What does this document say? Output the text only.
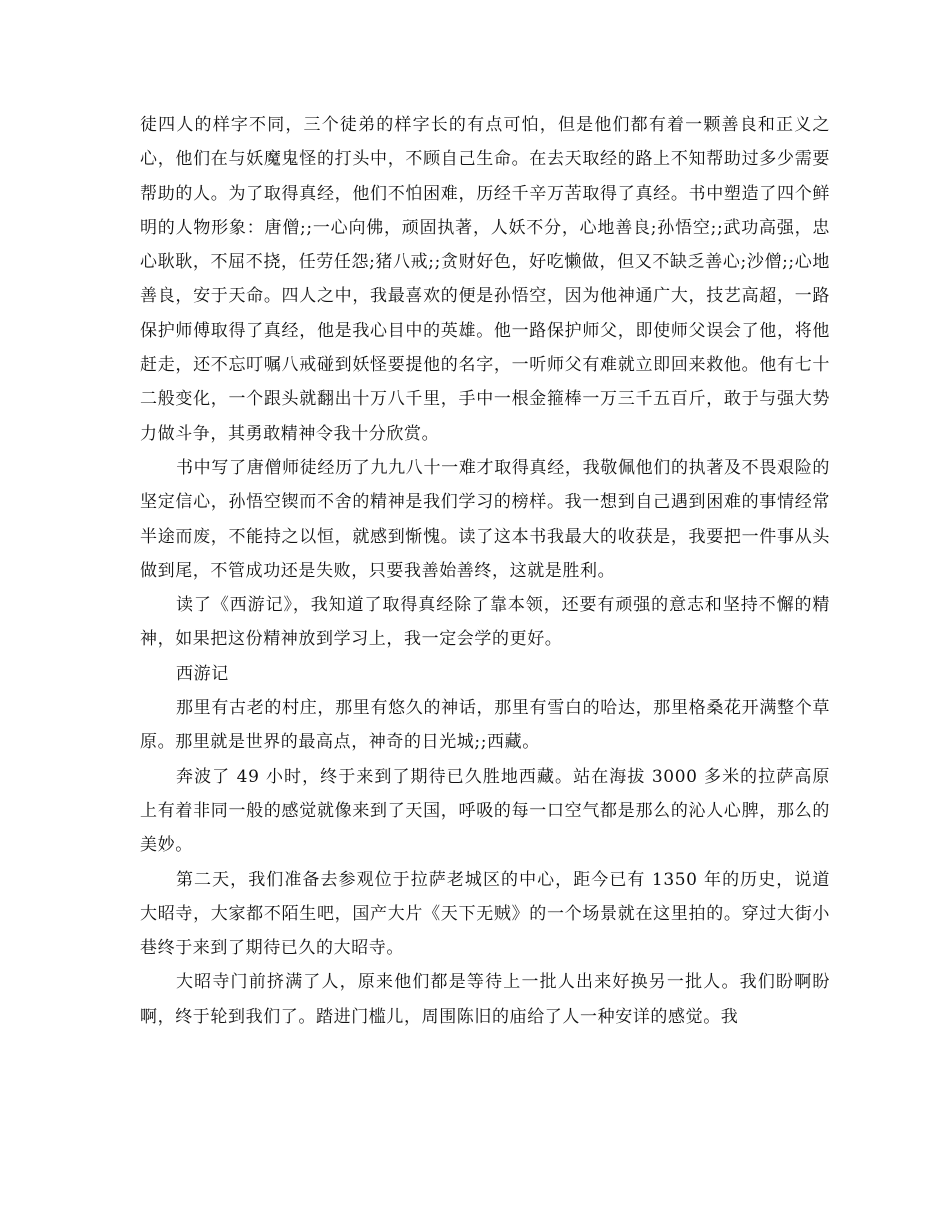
徒四人的样字不同，三个徒弟的样字长的有点可怕，但是他们都有着一颗善良和正义之心，他们在与妖魔鬼怪的打头中，不顾自己生命。在去天取经的路上不知帮助过多少需要帮助的人。为了取得真经，他们不怕困难，历经千辛万苦取得了真经。书中塑造了四个鲜明的人物形象：唐僧;;一心向佛，顽固执著，人妖不分，心地善良;孙悟空;;武功高强，忠心耿耿，不屈不挠，任劳任怨;猪八戒;;贪财好色，好吃懒做，但又不缺乏善心;沙僧;;心地善良，安于天命。四人之中，我最喜欢的便是孙悟空，因为他神通广大，技艺高超，一路保护师傅取得了真经，他是我心目中的英雄。他一路保护师父，即使师父误会了他，将他赶走，还不忘叮嘱八戒碰到妖怪要提他的名字，一听师父有难就立即回来救他。他有七十二般变化，一个跟头就翻出十万八千里，手中一根金箍棒一万三千五百斤，敢于与强大势力做斗争，其勇敢精神令我十分欣赏。

书中写了唐僧师徒经历了九九八十一难才取得真经，我敬佩他们的执著及不畏艰险的坚定信心，孙悟空锲而不舍的精神是我们学习的榜样。我一想到自己遇到困难的事情经常半途而废，不能持之以恒，就感到惭愧。读了这本书我最大的收获是，我要把一件事从头做到尾，不管成功还是失败，只要我善始善终，这就是胜利。

读了《西游记》，我知道了取得真经除了靠本领，还要有顽强的意志和坚持不懈的精神，如果把这份精神放到学习上，我一定会学的更好。

西游记

那里有古老的村庄，那里有悠久的神话，那里有雪白的哈达，那里格桑花开满整个草原。那里就是世界的最高点，神奇的日光城;;西藏。

奔波了 49 小时，终于来到了期待已久胜地西藏。站在海拔 3000 多米的拉萨高原上有着非同一般的感觉就像来到了天国，呼吸的每一口空气都是那么的沁人心脾，那么的美妙。

第二天，我们准备去参观位于拉萨老城区的中心，距今已有 1350 年的历史，说道大昭寺，大家都不陌生吧，国产大片《天下无贼》的一个场景就在这里拍的。穿过大街小巷终于来到了期待已久的大昭寺。

大昭寺门前挤满了人，原来他们都是等待上一批人出来好换另一批人。我们盼啊盼啊，终于轮到我们了。踏进门槛儿，周围陈旧的庙给了人一种安详的感觉。我
